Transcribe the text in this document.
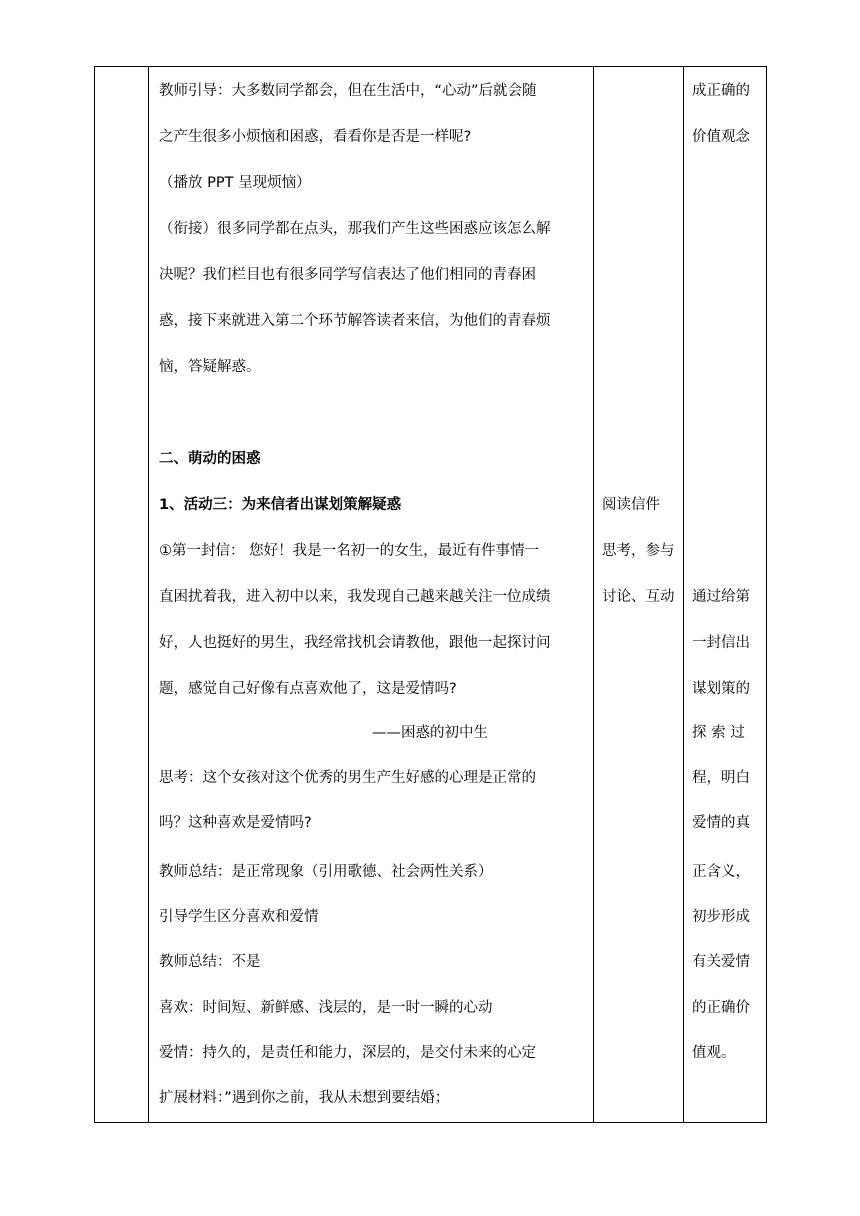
教师引导：大多数同学都会，但在生活中，“心动”后就会随
之产生很多小烦恼和困惑，看看你是否是一样呢?
（播放 PPT 呈现烦恼）
（衔接）很多同学都在点头，那我们产生这些困惑应该怎么解
决呢？我们栏目也有很多同学写信表达了他们相同的青春困
惑，接下来就进入第二个环节解答读者来信，为他们的青春烦
恼，答疑解惑。
二、萌动的困惑
1、活动三：为来信者出谋划策解疑惑
①第一封信： 您好！我是一名初一的女生，最近有件事情一
直困扰着我，进入初中以来，我发现自己越来越关注一位成绩
好，人也挺好的男生，我经常找机会请教他，跟他一起探讨问
题，感觉自己好像有点喜欢他了，这是爱情吗?
——困惑的初中生
思考：这个女孩对这个优秀的男生产生好感的心理是正常的
吗？这种喜欢是爱情吗?
教师总结：是正常现象（引用歌德、社会两性关系）
引导学生区分喜欢和爱情
教师总结：不是
喜欢：时间短、新鲜感、浅层的，是一时一瞬的心动
爱情：持久的，是责任和能力，深层的，是交付未来的心定
扩展材料：”遇到你之前，我从未想到要结婚；
阅读信件
思考，参与
讨论、互动
成正确的
价值观念
通过给第
一封信出
谋划策的
探 索 过
程，明白
爱情的真
正含义，
初步形成
有关爱情
的正确价
值观。
